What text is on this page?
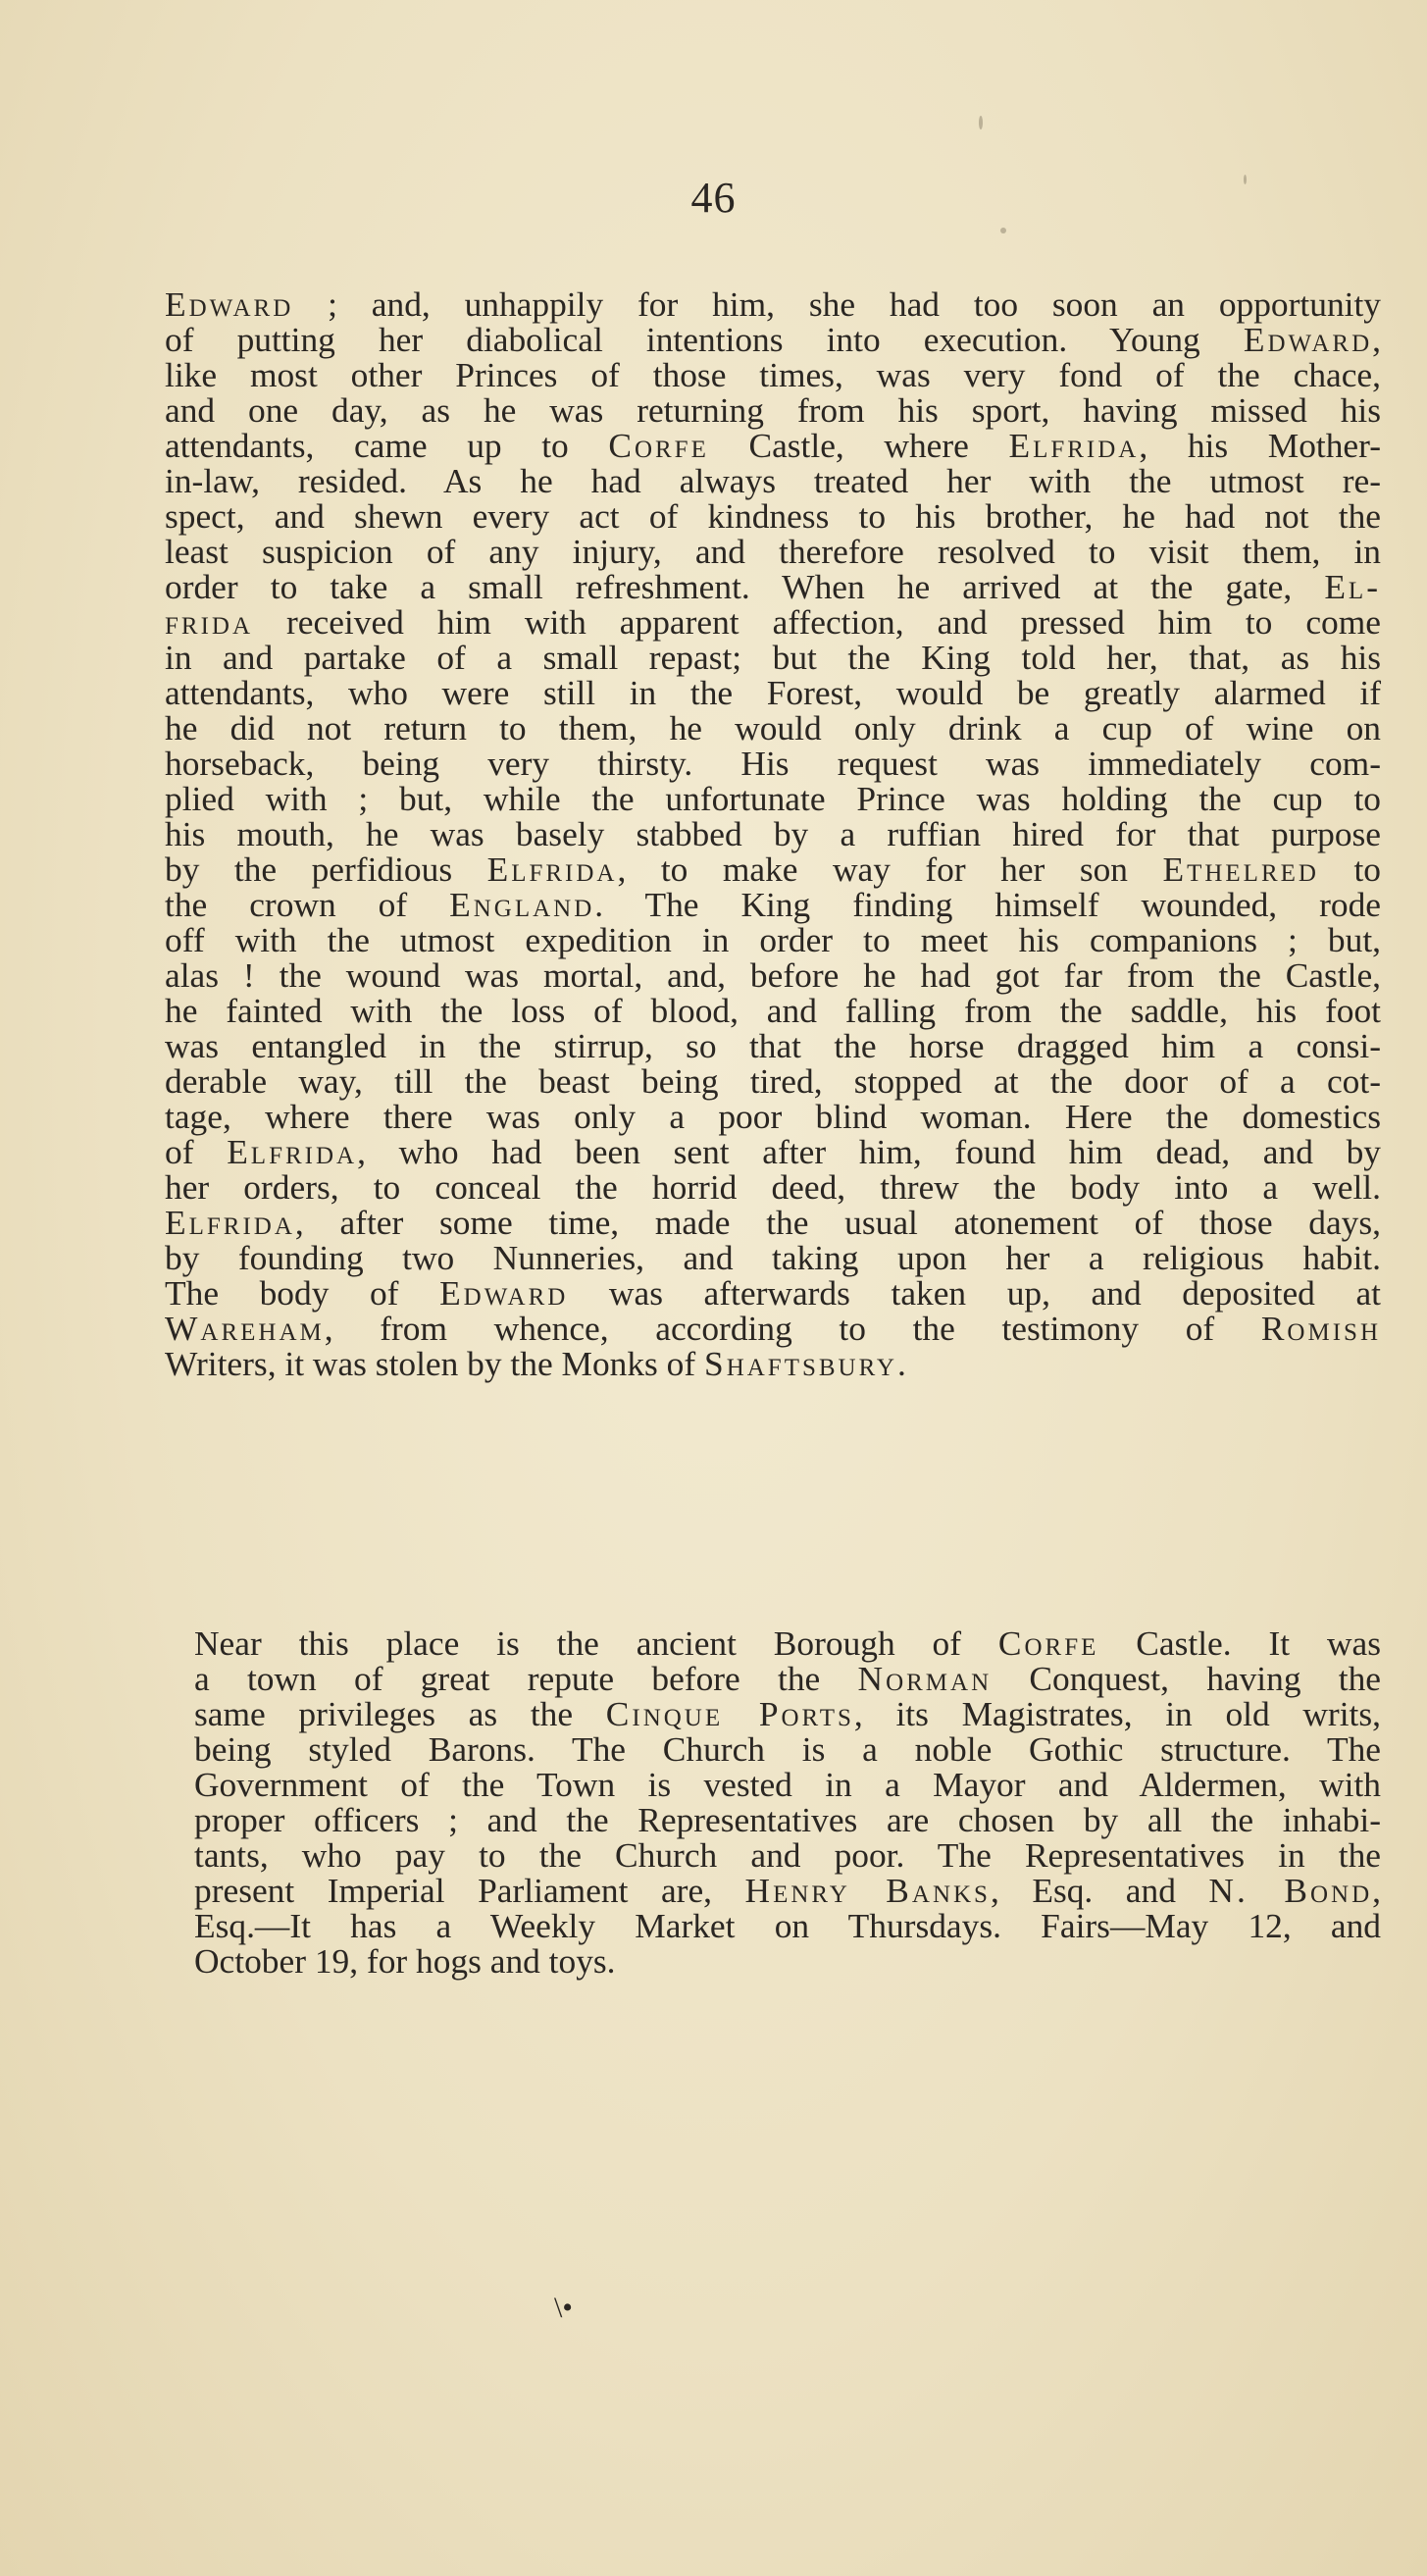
46
Edward ; and, unhappily for him, she had too soon an opportunity
of putting her diabolical intentions into execution. Young Edward,
like most other Princes of those times, was very fond of the chace,
and one day, as he was returning from his sport, having missed his
attendants, came up to Corfe Castle, where Elfrida, his Mother-
in-law, resided. As he had always treated her with the utmost re-
spect, and shewn every act of kindness to his brother, he had not the
least suspicion of any injury, and therefore resolved to visit them, in
order to take a small refreshment. When he arrived at the gate, El-
frida received him with apparent affection, and pressed him to come
in and partake of a small repast; but the King told her, that, as his
attendants, who were still in the Forest, would be greatly alarmed if
he did not return to them, he would only drink a cup of wine on
horseback, being very thirsty. His request was immediately com-
plied with ; but, while the unfortunate Prince was holding the cup to
his mouth, he was basely stabbed by a ruffian hired for that purpose
by the perfidious Elfrida, to make way for her son Ethelred to
the crown of England. The King finding himself wounded, rode
off with the utmost expedition in order to meet his companions ; but,
alas ! the wound was mortal, and, before he had got far from the Castle,
he fainted with the loss of blood, and falling from the saddle, his foot
was entangled in the stirrup, so that the horse dragged him a consi-
derable way, till the beast being tired, stopped at the door of a cot-
tage, where there was only a poor blind woman. Here the domestics
of Elfrida, who had been sent after him, found him dead, and by
her orders, to conceal the horrid deed, threw the body into a well.
Elfrida, after some time, made the usual atonement of those days,
by founding two Nunneries, and taking upon her a religious habit.
The body of Edward was afterwards taken up, and deposited at
Wareham, from whence, according to the testimony of Romish
Writers, it was stolen by the Monks of Shaftsbury.
Near this place is the ancient Borough of Corfe Castle. It was
a town of great repute before the Norman Conquest, having the
same privileges as the Cinque Ports, its Magistrates, in old writs,
being styled Barons. The Church is a noble Gothic structure. The
Government of the Town is vested in a Mayor and Aldermen, with
proper officers ; and the Representatives are chosen by all the inhabi-
tants, who pay to the Church and poor. The Representatives in the
present Imperial Parliament are, Henry Banks, Esq. and N. Bond,
Esq.—It has a Weekly Market on Thursdays. Fairs—May 12, and
October 19, for hogs and toys.
\•
